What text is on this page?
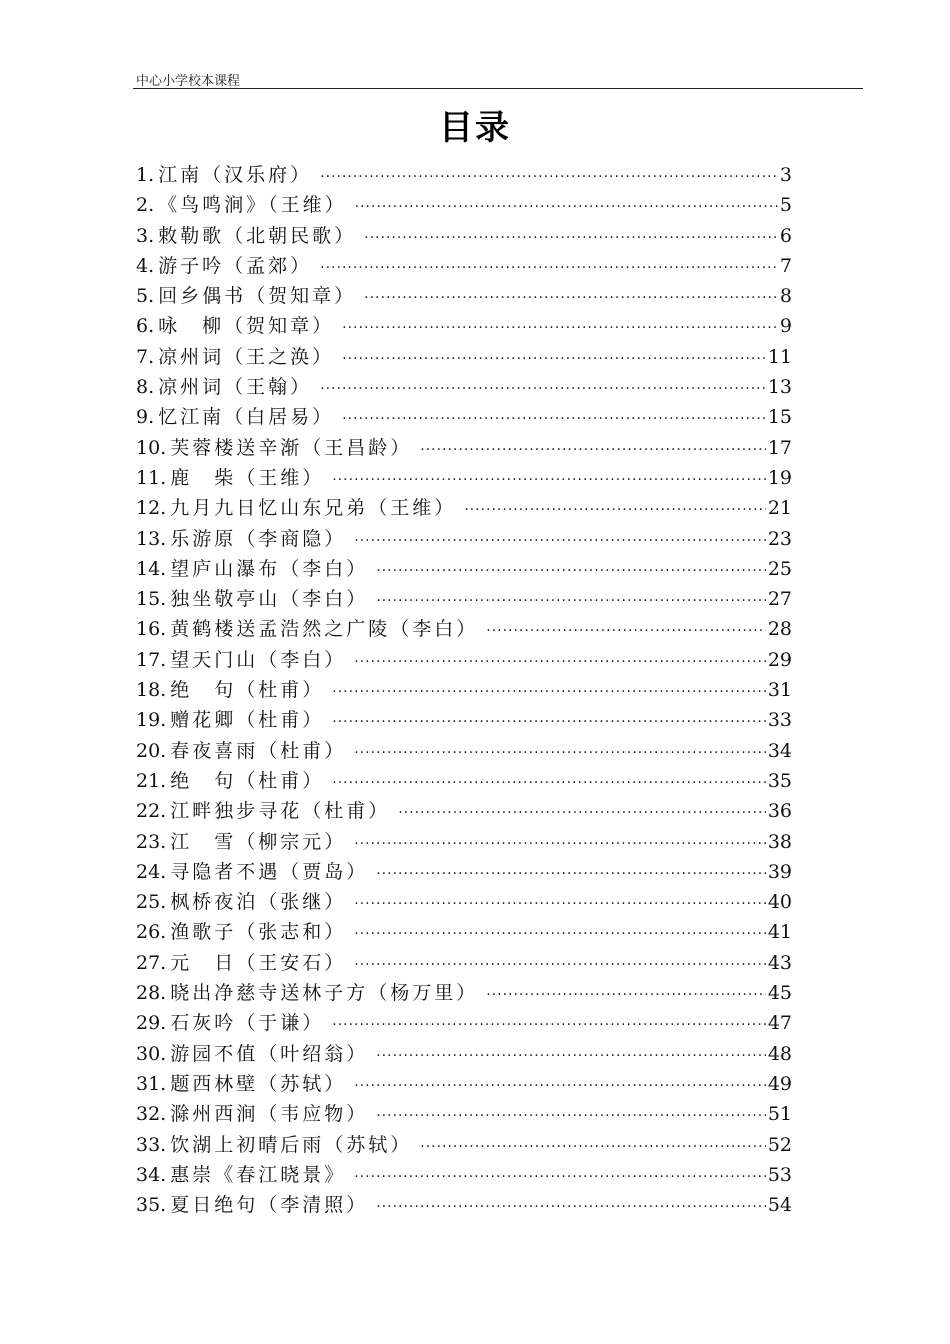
中心小学校本课程
目录
1. 江南（汉乐府） ·····	3
2. 《鸟鸣涧》（王维） ·····	5
3. 敕勒歌（北朝民歌） ·····	6
4. 游子吟（孟郊） ·····	7
5. 回乡偶书（贺知章） ·····	8
6. 咏　柳（贺知章） ·····	9
7. 凉州词（王之涣） ·····	11
8. 凉州词（王翰） ·····	13
9. 忆江南（白居易） ·····	15
10. 芙蓉楼送辛渐（王昌龄） ·····	17
11. 鹿　柴（王维） ·····	19
12. 九月九日忆山东兄弟（王维） ·····	21
13. 乐游原（李商隐） ·····	23
14. 望庐山瀑布（李白） ·····	25
15. 独坐敬亭山（李白） ·····	27
16. 黄鹤楼送孟浩然之广陵（李白） ·····	28
17. 望天门山（李白） ·····	29
18. 绝　句（杜甫） ·····	31
19. 赠花卿（杜甫） ·····	33
20. 春夜喜雨（杜甫） ·····	34
21. 绝　句（杜甫） ·····	35
22. 江畔独步寻花（杜甫） ·····	36
23. 江　雪（柳宗元） ·····	38
24. 寻隐者不遇（贾岛） ·····	39
25. 枫桥夜泊（张继） ·····	40
26. 渔歌子（张志和） ·····	41
27. 元　日（王安石） ·····	43
28. 晓出净慈寺送林子方（杨万里） ·····	45
29. 石灰吟（于谦） ·····	47
30. 游园不值（叶绍翁） ·····	48
31. 题西林壁（苏轼） ·····	49
32. 滁州西涧（韦应物） ·····	51
33. 饮湖上初晴后雨（苏轼） ·····	52
34. 惠崇《春江晓景》 ·····	53
35. 夏日绝句（李清照） ·····	54
